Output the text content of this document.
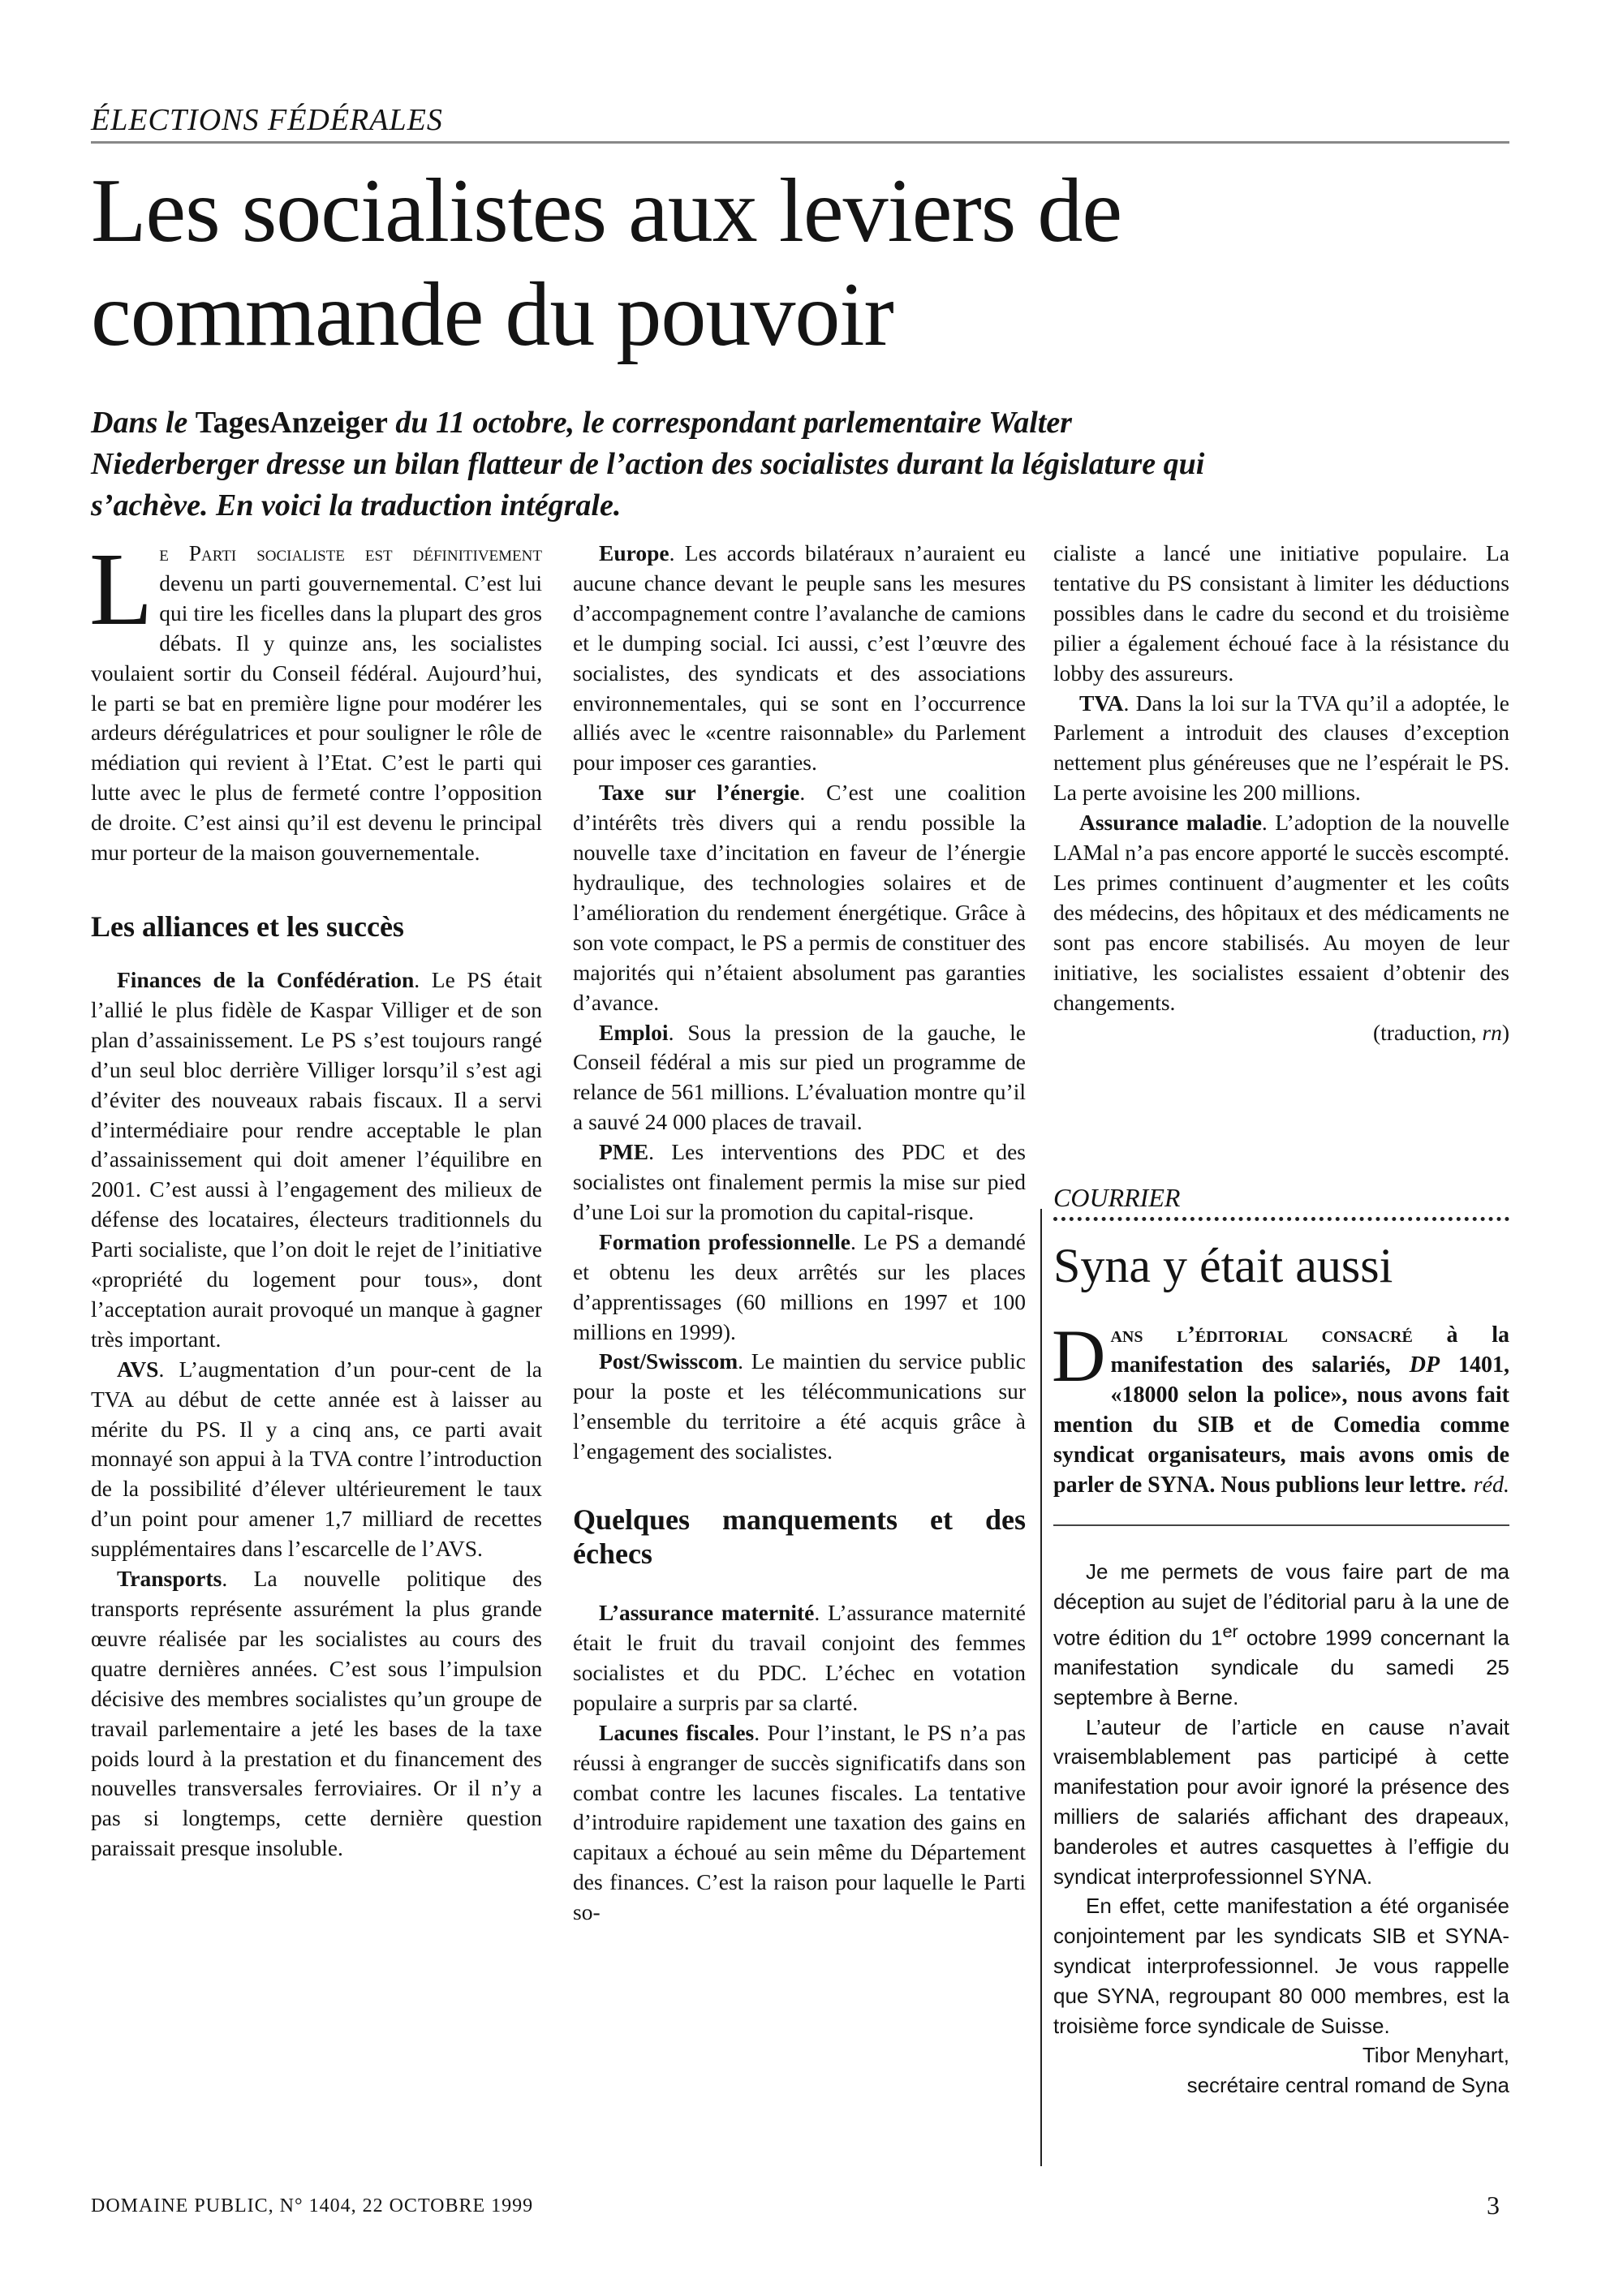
ÉLECTIONS FÉDÉRALES
Les socialistes aux leviers de
commande du pouvoir
Dans le TagesAnzeiger du 11 octobre, le correspondant parlementaire Walter Niederberger dresse un bilan flatteur de l’action des socialistes durant la législature qui s’achève. En voici la traduction intégrale.

Le Parti socialiste est définitivement devenu un parti gouvernemental. C’est lui qui tire les ficelles dans la plupart des gros débats. Il y quinze ans, les socialistes voulaient sortir du Conseil fédéral. Aujourd’hui, le parti se bat en première ligne pour modérer les ardeurs dérégulatrices et pour souligner le rôle de médiation qui revient à l’Etat. C’est le parti qui lutte avec le plus de fermeté contre l’opposition de droite. C’est ainsi qu’il est devenu le principal mur porteur de la maison gouvernementale.

Les alliances et les succès

Finances de la Confédération. Le PS était l’allié le plus fidèle de Kaspar Villiger et de son plan d’assainissement. Le PS s’est toujours rangé d’un seul bloc derrière Villiger lorsqu’il s’est agi d’éviter des nouveaux rabais fiscaux. Il a servi d’intermédiaire pour rendre acceptable le plan d’assainissement qui doit amener l’équilibre en 2001. C’est aussi à l’engagement des milieux de défense des locataires, électeurs traditionnels du Parti socialiste, que l’on doit le rejet de l’initiative «propriété du logement pour tous», dont l’acceptation aurait provoqué un manque à gagner très important.

AVS. L’augmentation d’un pour-cent de la TVA au début de cette année est à laisser au mérite du PS. Il y a cinq ans, ce parti avait monnayé son appui à la TVA contre l’introduction de la possibilité d’élever ultérieurement le taux d’un point pour amener 1,7 milliard de recettes supplémentaires dans l’escarcelle de l’AVS.

Transports. La nouvelle politique des transports représente assurément la plus grande œuvre réalisée par les socialistes au cours des quatre dernières années. C’est sous l’impulsion décisive des membres socialistes qu’un groupe de travail parlementaire a jeté les bases de la taxe poids lourd à la prestation et du financement des nouvelles transversales ferroviaires. Or il n’y a pas si longtemps, cette dernière question paraissait presque insoluble.

Europe. Les accords bilatéraux n’auraient eu aucune chance devant le peuple sans les mesures d’accompagnement contre l’avalanche de camions et le dumping social. Ici aussi, c’est l’œuvre des socialistes, des syndicats et des associations environnementales, qui se sont en l’occurrence alliés avec le «centre raisonnable» du Parlement pour imposer ces garanties.

Taxe sur l’énergie. C’est une coalition d’intérêts très divers qui a rendu possible la nouvelle taxe d’incitation en faveur de l’énergie hydraulique, des technologies solaires et de l’amélioration du rendement énergétique. Grâce à son vote compact, le PS a permis de constituer des majorités qui n’étaient absolument pas garanties d’avance.

Emploi. Sous la pression de la gauche, le Conseil fédéral a mis sur pied un programme de relance de 561 millions. L’évaluation montre qu’il a sauvé 24 000 places de travail.

PME. Les interventions des PDC et des socialistes ont finalement permis la mise sur pied d’une Loi sur la promotion du capital-risque.

Formation professionnelle. Le PS a demandé et obtenu les deux arrêtés sur les places d’apprentissages (60 millions en 1997 et 100 millions en 1999).

Post/Swisscom. Le maintien du service public pour la poste et les télécommunications sur l’ensemble du territoire a été acquis grâce à l’engagement des socialistes.

Quelques manquements et des échecs

L’assurance maternité. L’assurance maternité était le fruit du travail conjoint des femmes socialistes et du PDC. L’échec en votation populaire a surpris par sa clarté.

Lacunes fiscales. Pour l’instant, le PS n’a pas réussi à engranger de succès significatifs dans son combat contre les lacunes fiscales. La tentative d’introduire rapidement une taxation des gains en capitaux a échoué au sein même du Département des finances. C’est la raison pour laquelle le Parti so-

cialiste a lancé une initiative populaire. La tentative du PS consistant à limiter les déductions possibles dans le cadre du second et du troisième pilier a également échoué face à la résistance du lobby des assureurs.

TVA. Dans la loi sur la TVA qu’il a adoptée, le Parlement a introduit des clauses d’exception nettement plus généreuses que ne l’espérait le PS. La perte avoisine les 200 millions.

Assurance maladie. L’adoption de la nouvelle LAMal n’a pas encore apporté le succès escompté. Les primes continuent d’augmenter et les coûts des médecins, des hôpitaux et des médicaments ne sont pas encore stabilisés. Au moyen de leur initiative, les socialistes essaient d’obtenir des changements.

(traduction, rn)

COURRIER
Syna y était aussi
Dans l’éditorial consacré à la manifestation des salariés, DP 1401, «18000 selon la police», nous avons fait mention du SIB et de Comedia comme syndicat organisateurs, mais avons omis de parler de SYNA. Nous publions leur lettre. réd.

Je me permets de vous faire part de ma déception au sujet de l’éditorial paru à la une de votre édition du 1er octobre 1999 concernant la manifestation syndicale du samedi 25 septembre à Berne.

L’auteur de l’article en cause n’avait vraisemblablement pas participé à cette manifestation pour avoir ignoré la présence des milliers de salariés affichant des drapeaux, banderoles et autres casquettes à l’effigie du syndicat interprofessionnel SYNA.

En effet, cette manifestation a été organisée conjointement par les syndicats SIB et SYNA-syndicat interprofessionnel. Je vous rappelle que SYNA, regroupant 80 000 membres, est la troisième force syndicale de Suisse.

Tibor Menyhart,

secrétaire central romand de Syna

DOMAINE PUBLIC, N° 1404, 22 OCTOBRE 1999	3
